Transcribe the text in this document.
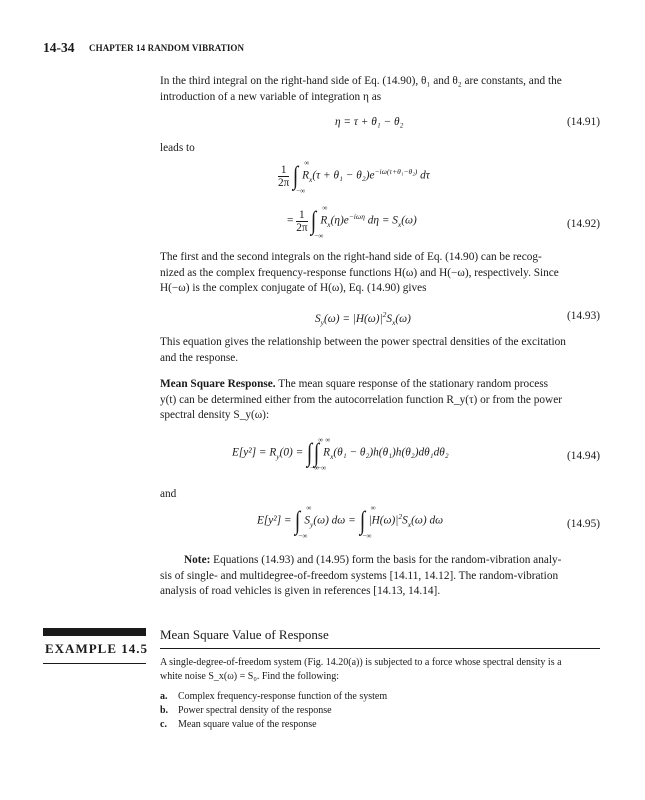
14-34 CHAPTER 14 RANDOM VIBRATION
In the third integral on the right-hand side of Eq. (14.90), θ₁ and θ₂ are constants, and the
introduction of a new variable of integration η as
η = τ + θ₁ − θ₂	(14.91)
leads to
$\frac{1}{2\pi}$ ∫ ∞
−∞
$R_x(\tau + \theta_1 - \theta_2)e^{-i\omega(\tau+\theta_1-\theta_2)}$ dτ
= $\frac{1}{2\pi}$ ∫ ∞
−∞
$R_x(\eta)e^{-i\omega\eta}$ $d\eta = S_x(\omega)$	(14.92)
The first and the second integrals on the right-hand side of Eq. (14.90) can be recog-
nized as the complex frequency-response functions H(ω) and H(−ω), respectively. Since
H(−ω) is the complex conjugate of H(ω), Eq. (14.90) gives
$S_y(\omega) = |H(\omega)|^2S_x(\omega)$	(14.93)
This equation gives the relationship between the power spectral densities of the excitation
and the response.
Mean Square Response. The mean square response of the stationary random process
y(t) can be determined either from the autocorrelation function R_y(τ) or from the power
spectral density S_y(ω):
$E[y^2] = R_y(0)$ = ∫ ∞
−∞
∫ ∞
−∞
$R_x(\theta_1 - \theta_2)h(\theta_1)h(\theta_2)d\theta_1d\theta_2$	(14.94)
and
E[y²] = ∫ ∞
−∞
$S_y(\omega) d\omega$ = ∫ ∞
−∞
$|H(\omega)|^2S_x(\omega)$ dω	(14.95)
Note: Equations (14.93) and (14.95) form the basis for the random-vibration analy-
sis of single- and multidegree-of-freedom systems [14.11, 14.12]. The random-vibration
analysis of road vehicles is given in references [14.13, 14.14].
EXAMPLE 14.5
Mean Square Value of Response
A single-degree-of-freedom system (Fig. 14.20(a)) is subjected to a force whose spectral density is a
white noise S_x(ω) = S₀. Find the following:
a. Complex frequency-response function of the system
b. Power spectral density of the response
c. Mean square value of the response
